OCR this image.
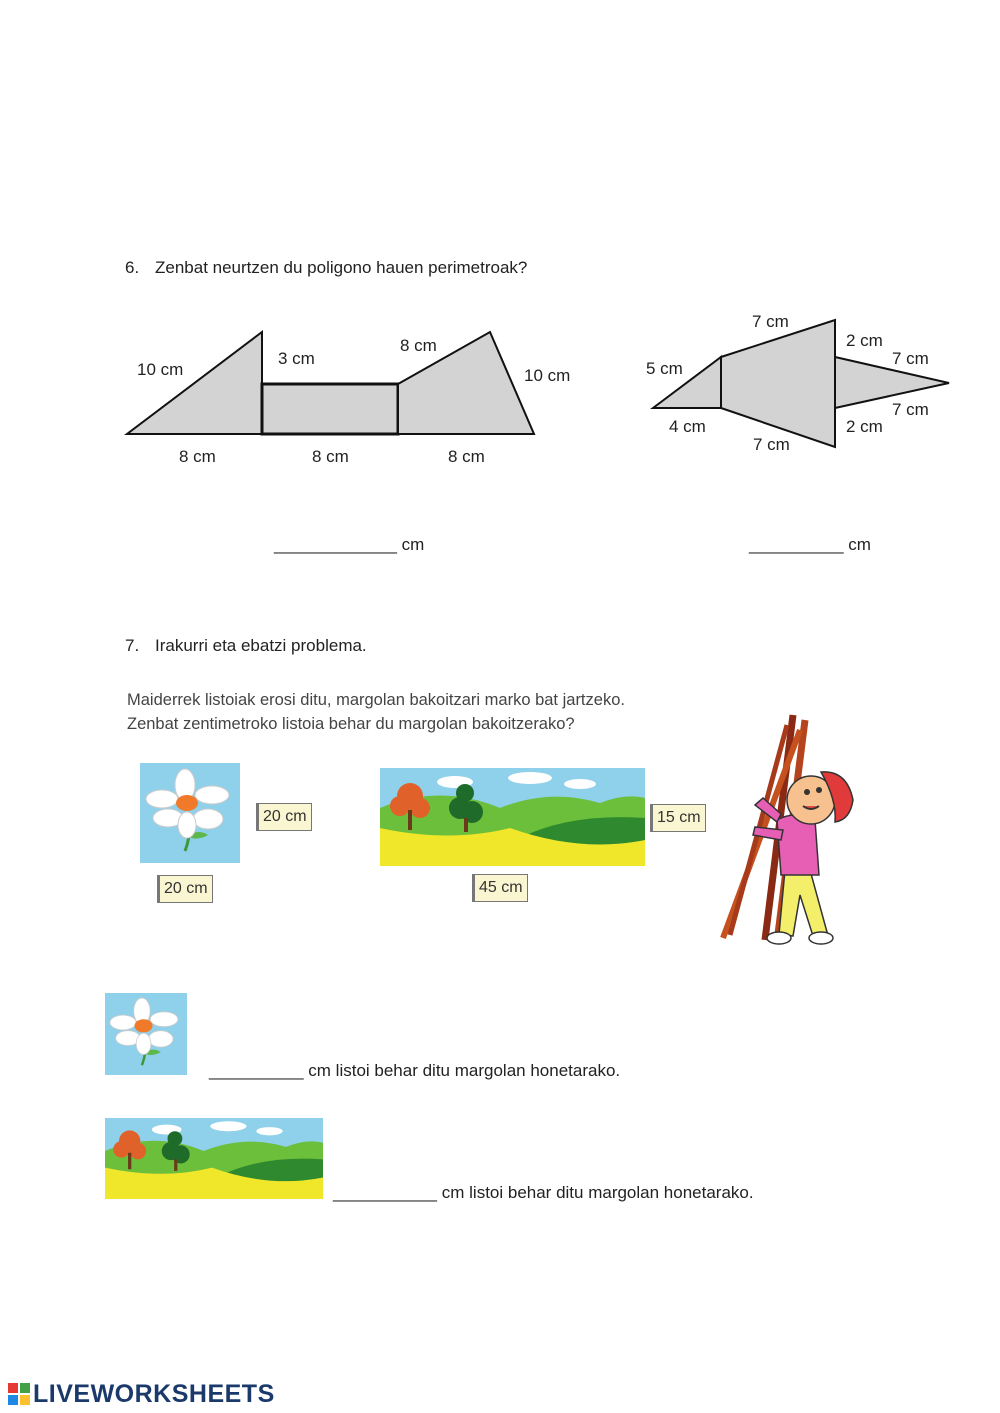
6. Zenbat neurtzen du poligono hauen perimetroak?
10 cm
3 cm
8 cm
10 cm
8 cm	8 cm	8 cm
7 cm
5 cm
4 cm
7 cm
2 cm
7 cm
7 cm
2 cm
_____________ cm	__________ cm
7. Irakurri eta ebatzi problema.
Maiderrek listoiak erosi ditu, margolan bakoitzari marko bat jartzeko.
Zenbat zentimetroko listoia behar du margolan bakoitzerako?
20 cm
20 cm
15 cm
45 cm
__________ cm listoi behar ditu margolan honetarako.
___________ cm listoi behar ditu margolan honetarako.
LIVEWORKSHEETS
